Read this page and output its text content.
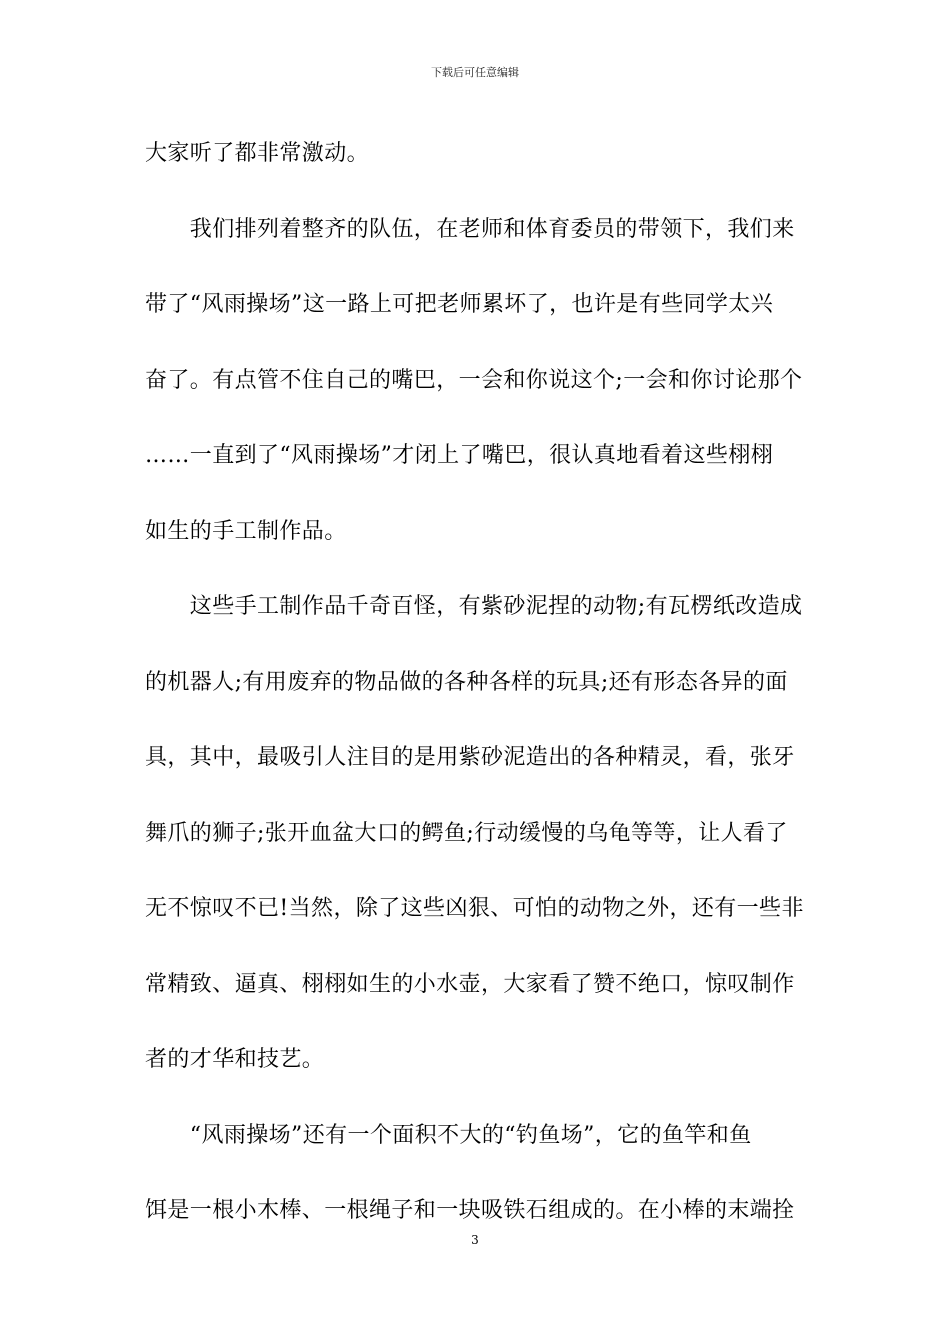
下载后可任意编辑
大家听了都非常激动。
　　我们排列着整齐的队伍，在老师和体育委员的带领下，我们来
带了“风雨操场”这一路上可把老师累坏了，也许是有些同学太兴
奋了。有点管不住自己的嘴巴，一会和你说这个;一会和你讨论那个
……一直到了“风雨操场”才闭上了嘴巴，很认真地看着这些栩栩
如生的手工制作品。
　　这些手工制作品千奇百怪，有紫砂泥捏的动物;有瓦楞纸改造成
的机器人;有用废弃的物品做的各种各样的玩具;还有形态各异的面
具，其中，最吸引人注目的是用紫砂泥造出的各种精灵，看，张牙
舞爪的狮子;张开血盆大口的鳄鱼;行动缓慢的乌龟等等，让人看了
无不惊叹不已!当然，除了这些凶狠、可怕的动物之外，还有一些非
常精致、逼真、栩栩如生的小水壶，大家看了赞不绝口，惊叹制作
者的才华和技艺。
　　“风雨操场”还有一个面积不大的“钓鱼场”，它的鱼竿和鱼
饵是一根小木棒、一根绳子和一块吸铁石组成的。在小棒的末端拴
3
